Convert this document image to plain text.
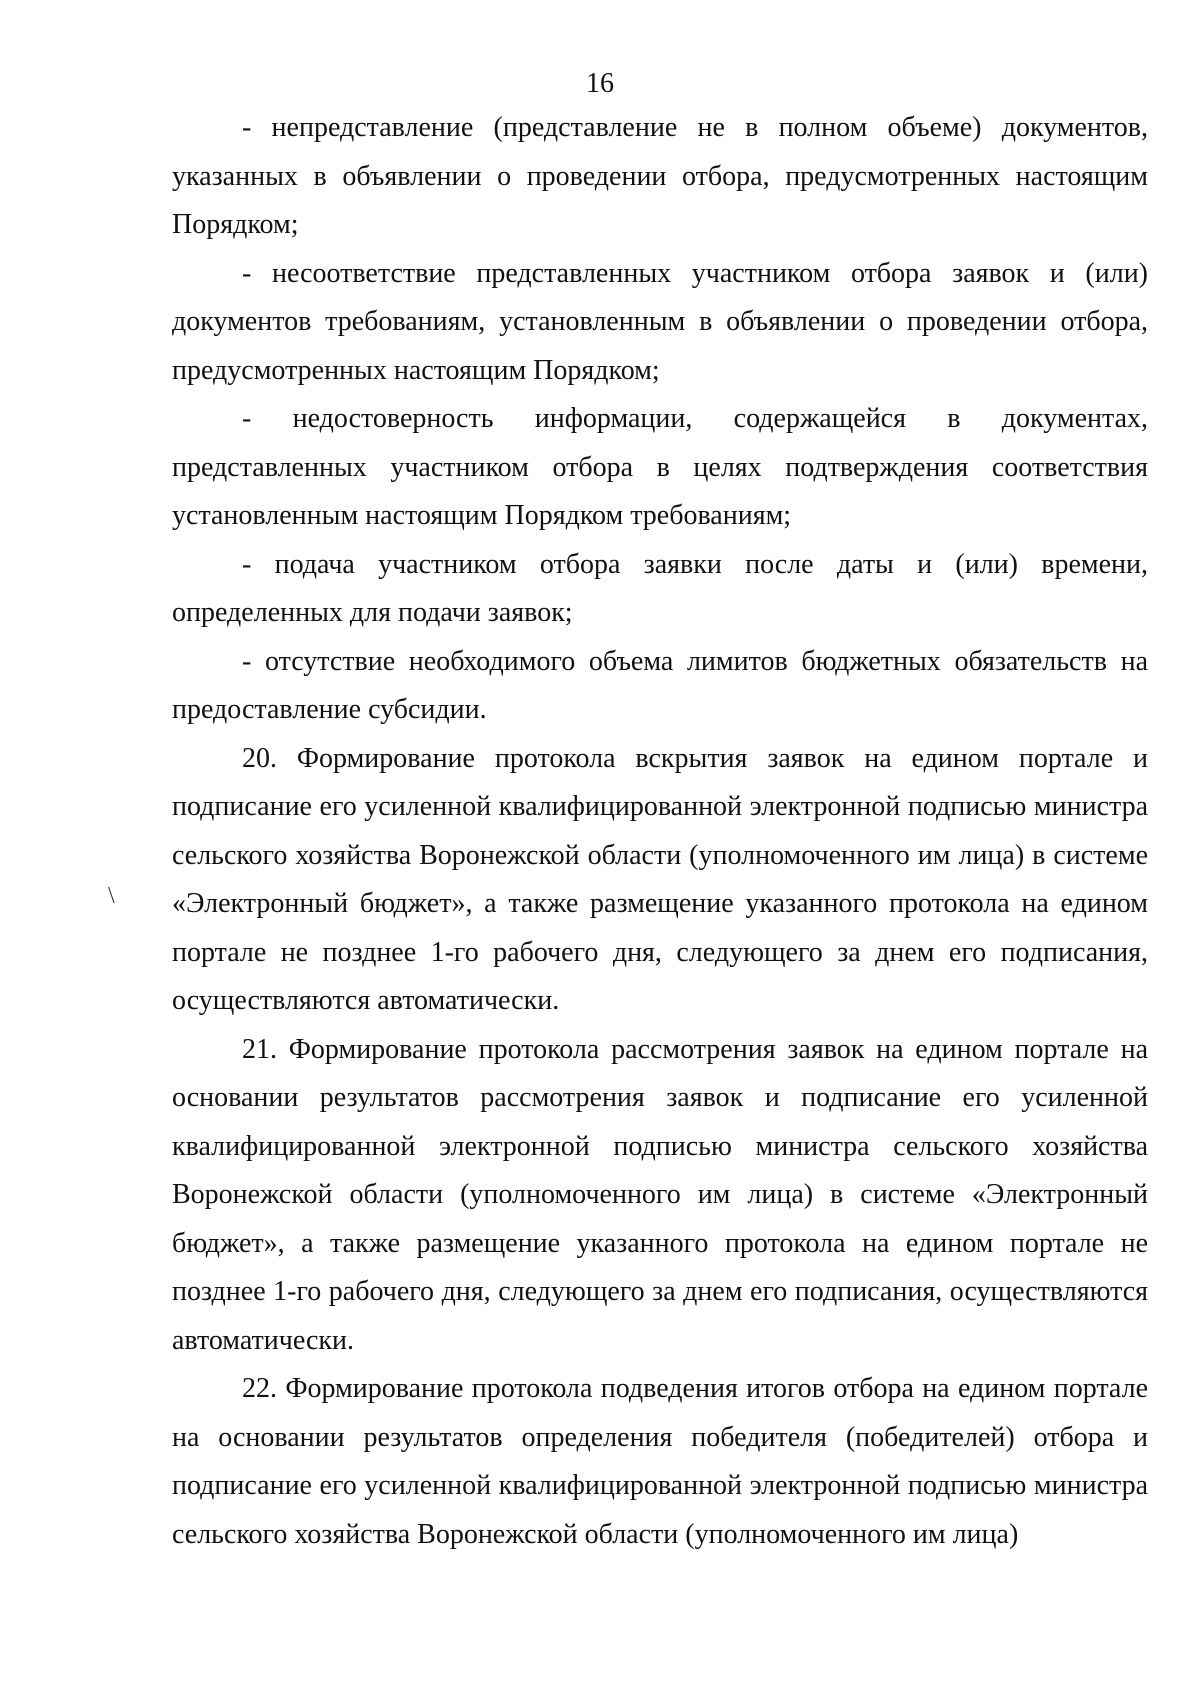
16

- непредставление (представление не в полном объеме) документов, указанных в объявлении о проведении отбора, предусмотренных настоящим Порядком;

- несоответствие представленных участником отбора заявок и (или) документов требованиям, установленным в объявлении о проведении отбора, предусмотренных настоящим Порядком;

- недостоверность информации, содержащейся в документах, представленных участником отбора в целях подтверждения соответствия установленным настоящим Порядком требованиям;

- подача участником отбора заявки после даты и (или) времени, определенных для подачи заявок;

- отсутствие необходимого объема лимитов бюджетных обязательств на предоставление субсидии.

20. Формирование протокола вскрытия заявок на едином портале и подписание его усиленной квалифицированной электронной подписью министра сельского хозяйства Воронежской области (уполномоченного им лица) в системе «Электронный бюджет», а также размещение указанного протокола на едином портале не позднее 1-го рабочего дня, следующего за днем его подписания, осуществляются автоматически.

21. Формирование протокола рассмотрения заявок на едином портале на основании результатов рассмотрения заявок и подписание его усиленной квалифицированной электронной подписью министра сельского хозяйства Воронежской области (уполномоченного им лица) в системе «Электронный бюджет», а также размещение указанного протокола на едином портале не позднее 1-го рабочего дня, следующего за днем его подписания, осуществляются автоматически.

22. Формирование протокола подведения итогов отбора на едином портале на основании результатов определения победителя (победителей) отбора и подписание его усиленной квалифицированной электронной подписью министра сельского хозяйства Воронежской области (уполномоченного им лица)

\
